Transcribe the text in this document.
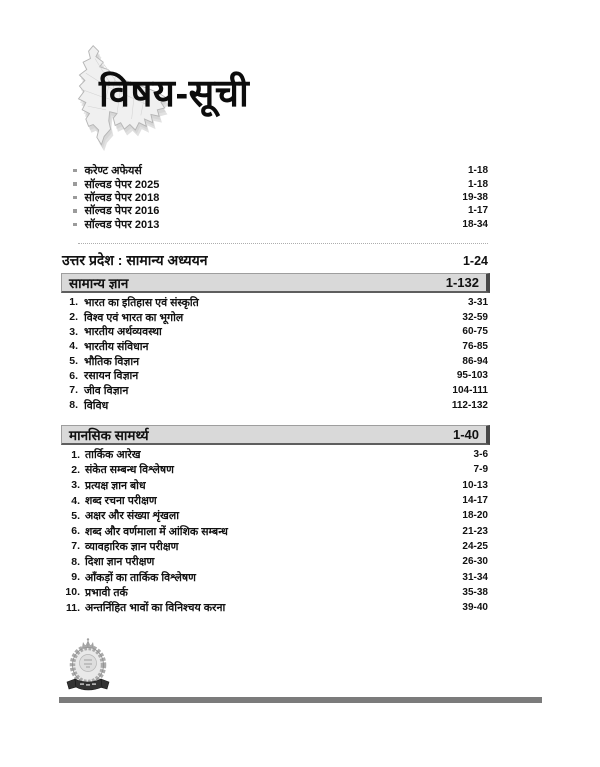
विषय-सूची
करेण्ट अफेयर्स	1-18
सॉल्वड पेपर 2025	1-18
सॉल्वड पेपर 2018	19-38
सॉल्वड पेपर 2016	1-17
सॉल्वड पेपर 2013	18-34
उत्तर प्रदेश : सामान्य अध्ययन	1-24
सामान्य ज्ञान	1-132
1. भारत का इतिहास एवं संस्कृति	3-31
2. विश्व एवं भारत का भूगोल	32-59
3. भारतीय अर्थव्यवस्था	60-75
4. भारतीय संविधान	76-85
5. भौतिक विज्ञान	86-94
6. रसायन विज्ञान	95-103
7. जीव विज्ञान	104-111
8. विविध	112-132
मानसिक सामर्थ्य	1-40
1. तार्किक आरेख	3-6
2. संकेत सम्बन्ध विश्लेषण	7-9
3. प्रत्यक्ष ज्ञान बोध	10-13
4. शब्द रचना परीक्षण	14-17
5. अक्षर और संख्या शृंखला	18-20
6. शब्द और वर्णमाला में आंशिक सम्बन्ध	21-23
7. व्यावहारिक ज्ञान परीक्षण	24-25
8. दिशा ज्ञान परीक्षण	26-30
9. आँकड़ों का तार्किक विश्लेषण	31-34
10. प्रभावी तर्क	35-38
11. अन्तर्निहित भावों का विनिश्चय करना	39-40
